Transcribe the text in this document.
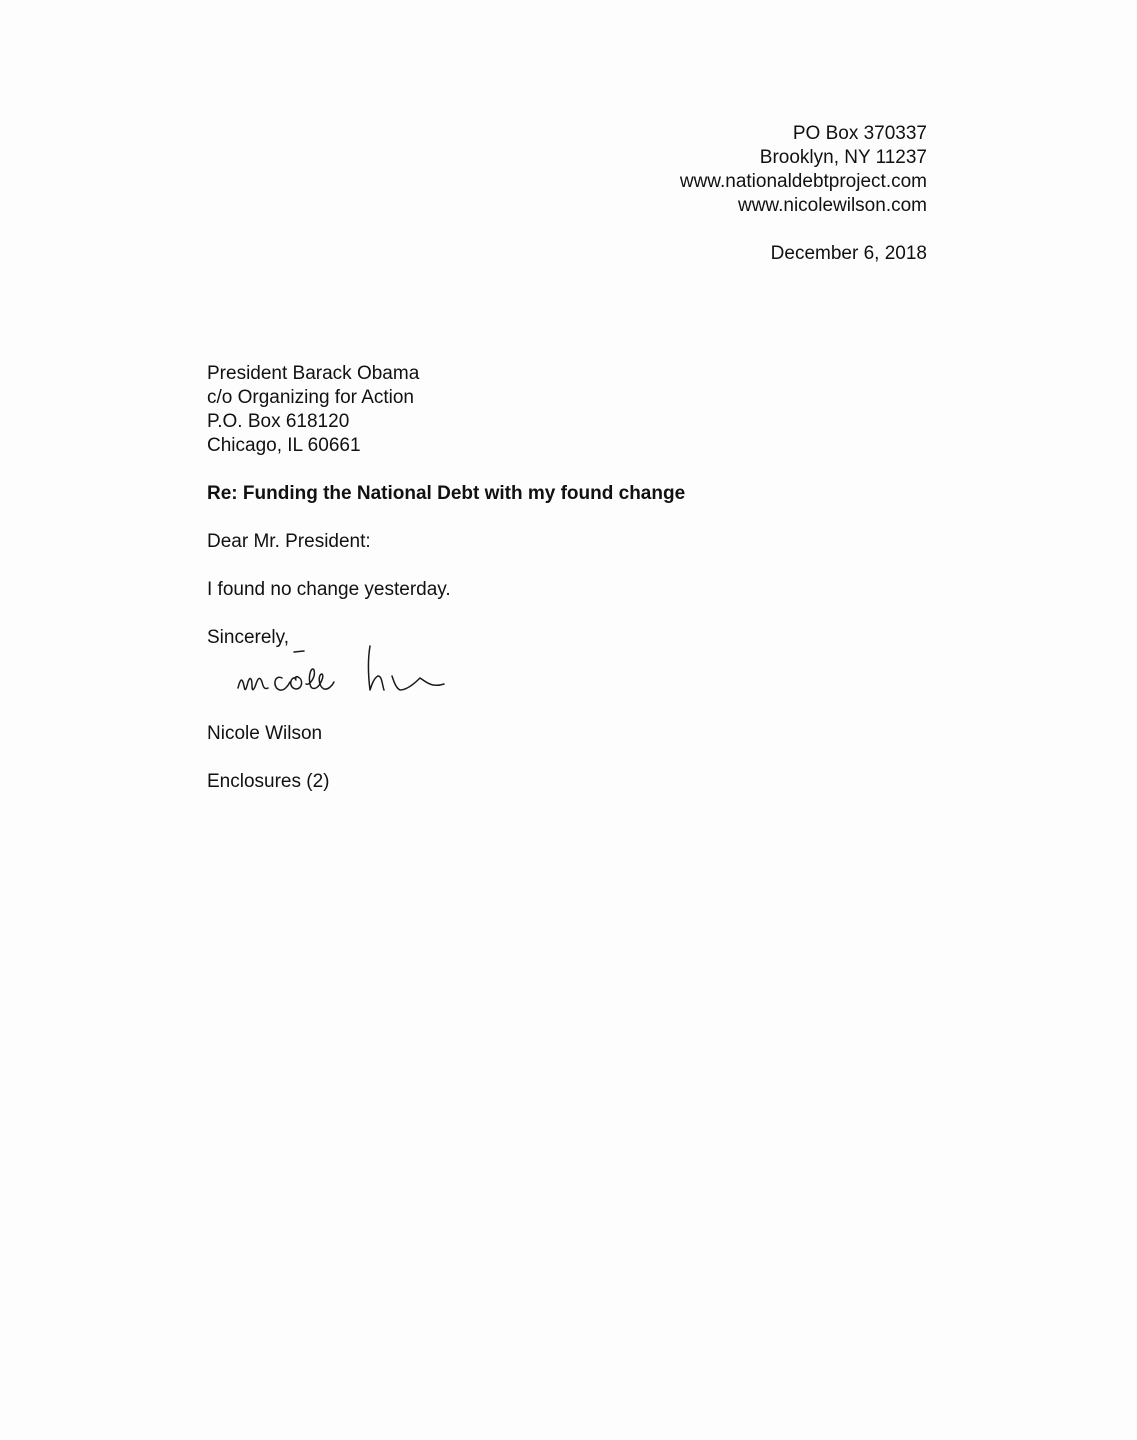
PO Box 370337
Brooklyn, NY 11237
www.nationaldebtproject.com
www.nicolewilson.com
December 6, 2018
President Barack Obama
c/o Organizing for Action
P.O. Box 618120
Chicago, IL 60661
Re: Funding the National Debt with my found change
Dear Mr. President:
I found no change yesterday.
Sincerely,
Nicole Wilson
Enclosures (2)
